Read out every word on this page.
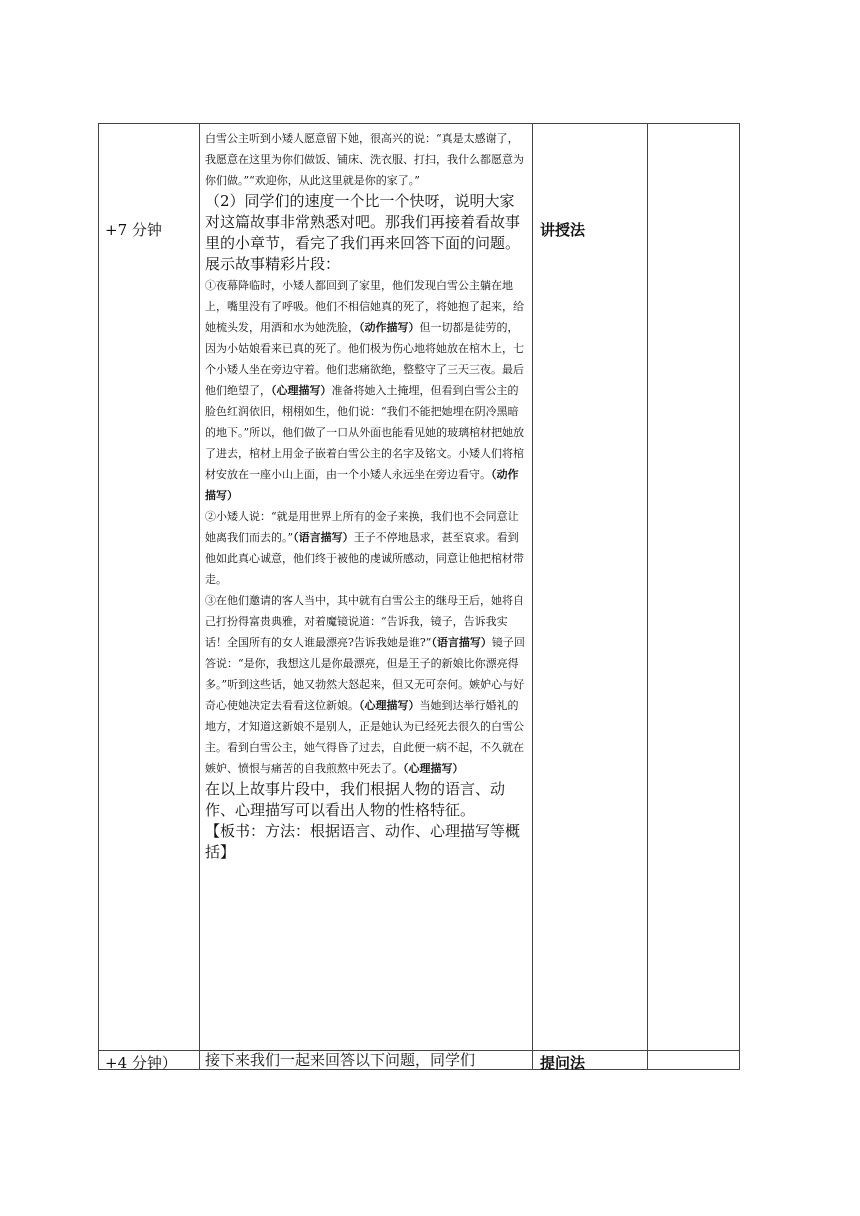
+7 分钟	讲授法

白雪公主听到小矮人愿意留下她，很高兴的说：“真是太感谢了，我愿意在这里为你们做饭、铺床、洗衣服、打扫，我什么都愿意为你们做。”“欢迎你，从此这里就是你的家了。”

（2）同学们的速度一个比一个快呀，说明大家对这篇故事非常熟悉对吧。那我们再接着看故事里的小章节，看完了我们再来回答下面的问题。

展示故事精彩片段：

①夜幕降临时，小矮人都回到了家里，他们发现白雪公主躺在地上，嘴里没有了呼吸。他们不相信她真的死了，将她抱了起来，给她梳头发，用酒和水为她洗脸，（动作描写）但一切都是徒劳的，因为小姑娘看来已真的死了。他们极为伤心地将她放在棺木上，七个小矮人坐在旁边守着。他们悲痛欲绝，整整守了三天三夜。最后他们绝望了，（心理描写）准备将她入土掩埋，但看到白雪公主的脸色红润依旧，栩栩如生，他们说：“我们不能把她埋在阴冷黑暗的地下。”所以，他们做了一口从外面也能看见她的玻璃棺材把她放了进去，棺材上用金子嵌着白雪公主的名字及铭文。小矮人们将棺材安放在一座小山上面，由一个小矮人永远坐在旁边看守。（动作描写）

②小矮人说：“就是用世界上所有的金子来换，我们也不会同意让她离我们而去的。”（语言描写）王子不停地恳求，甚至哀求。看到他如此真心诚意，他们终于被他的虔诚所感动，同意让他把棺材带走。

③在他们邀请的客人当中，其中就有白雪公主的继母王后，她将自己打扮得富贵典雅，对着魔镜说道：“告诉我，镜子，告诉我实话！全国所有的女人谁最漂亮?告诉我她是谁?”（语言描写）镜子回答说：“是你，我想这儿是你最漂亮，但是王子的新娘比你漂亮得多。”听到这些话，她又勃然大怒起来，但又无可奈何。嫉妒心与好奇心使她决定去看看这位新娘。（心理描写）当她到达举行婚礼的地方，才知道这新娘不是别人，正是她认为已经死去很久的白雪公主。看到白雪公主，她气得昏了过去，自此便一病不起，不久就在嫉妒、愤恨与痛苦的自我煎熬中死去了。（心理描写）

在以上故事片段中，我们根据人物的语言、动作、心理描写可以看出人物的性格特征。

【板书：方法：根据语言、动作、心理描写等概括】

+4 分钟） 接下来我们一起来回答以下问题，同学们	提问法
